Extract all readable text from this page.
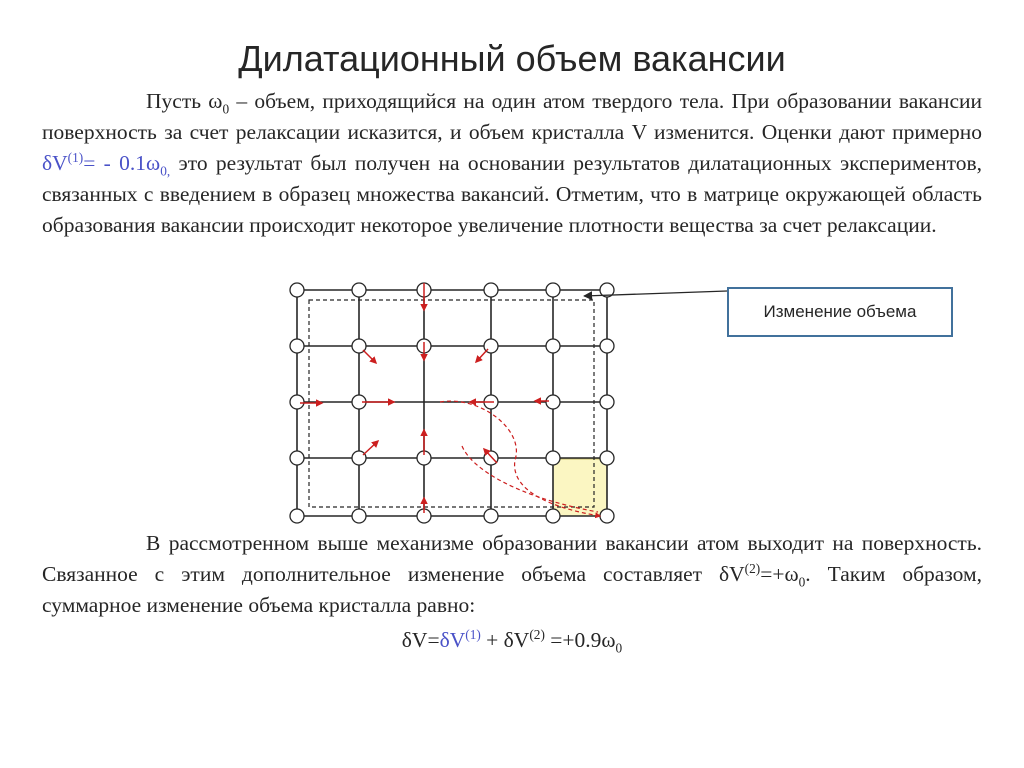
Дилатационный объем вакансии

Пусть $\omega_0$ – объем, приходящийся на один атом твердого тела. При образовании вакансии поверхность за счет релаксации исказится, и объем кристалла V изменится. Оценки дают примерно $\delta V^{(1)}= - 0.1\omega_{0,}$ это результат был получен на основании результатов дилатационных экспериментов, связанных с введением в образец множества вакансий. Отметим, что в матрице окружающей область образования вакансии происходит некоторое увеличение плотности вещества за счет релаксации.

Изменение объема

В рассмотренном выше механизме образовании вакансии атом выходит на поверхность. Связанное с этим дополнительное изменение объема составляет $\delta V^{(2)}=+\omega_0$. Таким образом, суммарное изменение объема кристалла равно:

$\delta V=\delta V^{(1)} + \delta V^{(2)} =+0.9\omega_0$
